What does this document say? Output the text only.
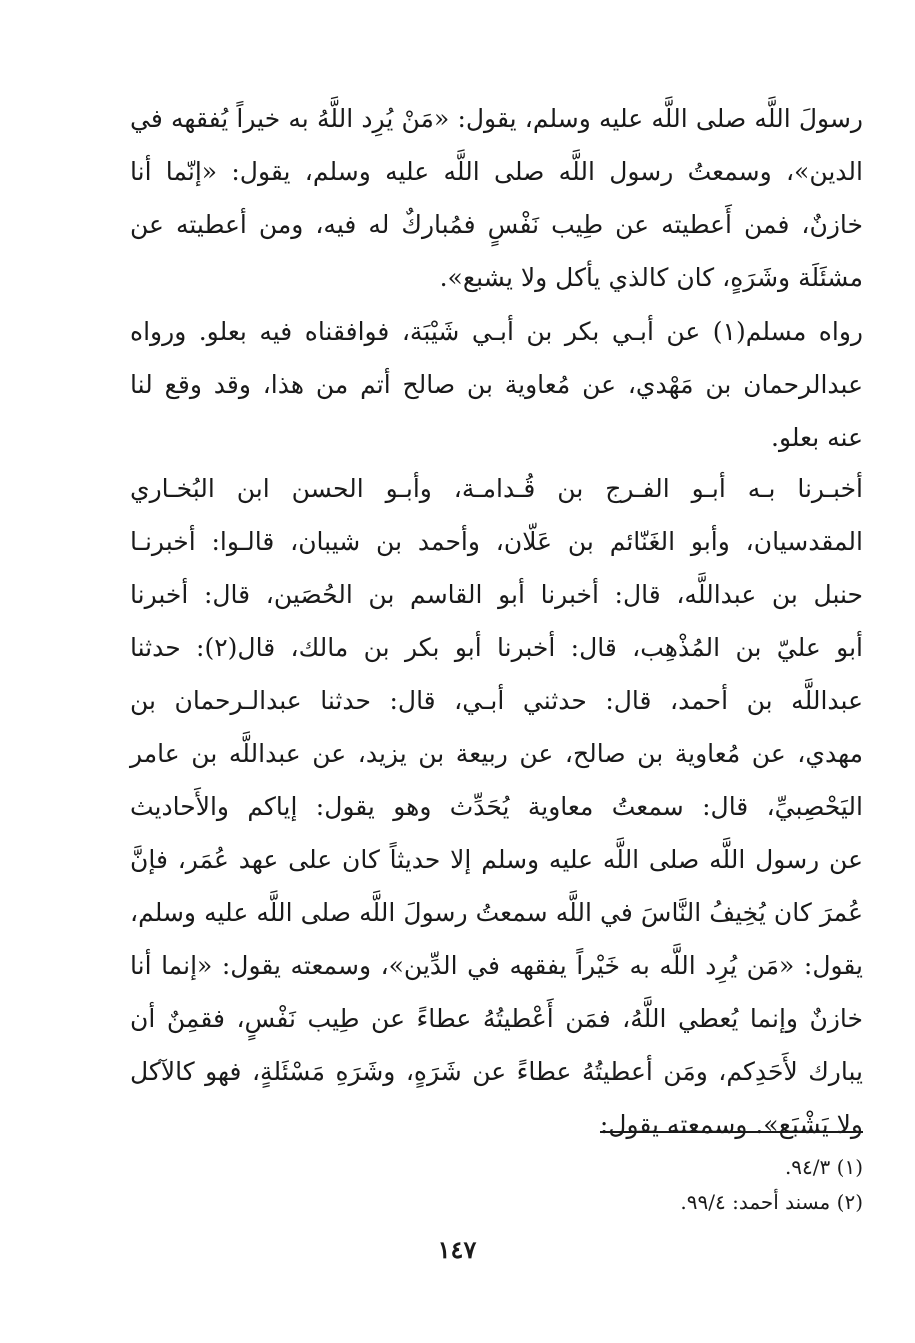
رسولَ اللَّه صلى اللَّه عليه وسلم، يقول: «مَنْ يُرِد اللَّهُ به خيراً يُفقهه في
الدين»، وسمعتُ رسول اللَّه صلى اللَّه عليه وسلم، يقول: «إنّما أنا
خازنٌ، فمن أَعطيته عن طِيب نَفْسٍ فمُباركٌ له فيه، ومن أعطيته عن
مشئَلَة وشَرَهٍ، كان كالذي يأكل ولا يشبع».
رواه مسلم(١) عن أبـي بكر بن أبـي شَيْبَة، فوافقناه فيه بعلو. ورواه
عبدالرحمان بن مَهْدي، عن مُعاوية بن صالح أتم من هذا، وقد وقع لنا
عنه بعلو.
أخبـرنا بـه أبـو الفـرج بن قُـدامـة، وأبـو الحسن ابن البُخـاري
المقدسيان، وأبو الغَنّائم بن عَلّان، وأحمد بن شيبان، قالـوا: أخبرنـا
حنبل بن عبداللَّه، قال: أخبرنا أبو القاسم بن الحُصَين، قال: أخبرنا
أبو عليّ بن المُذْهِب، قال: أخبرنا أبو بكر بن مالك، قال(٢): حدثنا
عبداللَّه بن أحمد، قال: حدثني أبـي، قال: حدثنا عبدالـرحمان بن
مهدي، عن مُعاوية بن صالح، عن ربيعة بن يزيد، عن عبداللَّه بن عامر
اليَحْصِبيِّ، قال: سمعتُ معاوية يُحَدِّث وهو يقول: إياكم والأَحاديث
عن رسول اللَّه صلى اللَّه عليه وسلم إلا حديثاً كان على عهد عُمَر، فإنَّ
عُمرَ كان يُخِيفُ النَّاسَ في اللَّه سمعتُ رسولَ اللَّه صلى اللَّه عليه وسلم،
يقول: «مَن يُرِد اللَّه به خَيْراً يفقهه في الدِّين»، وسمعته يقول: «إنما أنا
خازنٌ وإنما يُعطي اللَّهُ، فمَن أَعْطيتُهُ عطاءً عن طِيب نَفْسٍ، فقمِنٌ أن
يبارك لأَحَدِكم، ومَن أعطيتُهُ عطاءً عن شَرَهٍ، وشَرَهِ مَسْئَلةٍ، فهو كالآكل
ولا يَشْبَع». وسمعته يقول:
(١) ٩٤/٣.
(٢) مسند أحمد: ٩٩/٤.
١٤٧
